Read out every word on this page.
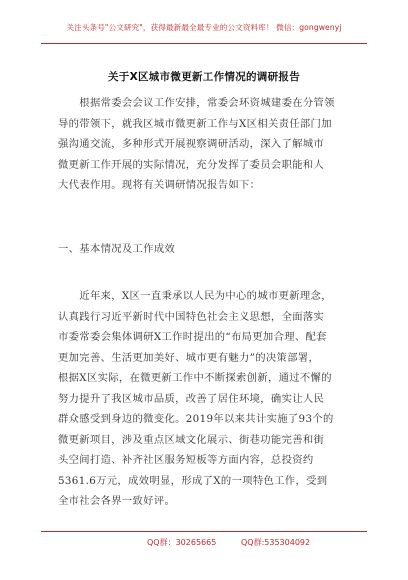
关注头条号"公文研究"，获得最新最全最专业的公文资料库！ 微信：gongwenyj
关于X区城市微更新工作情况的调研报告
　　根据常委会会议工作安排，常委会环资城建委在分管领
导的带领下，就我区城市微更新工作与X区相关责任部门加
强沟通交流，多种形式开展视察调研活动，深入了解城市
微更新工作开展的实际情况，充分发挥了委员会职能和人
大代表作用。现将有关调研情况报告如下：
一、基本情况及工作成效
　　近年来，X区一直秉承以人民为中心的城市更新理念，
认真践行习近平新时代中国特色社会主义思想，全面落实
市委常委会集体调研X工作时提出的“布局更加合理、配套
更加完善、生活更加美好、城市更有魅力”的决策部署，
根据X区实际，在微更新工作中不断探索创新，通过不懈的
努力提升了我区城市品质，改善了居住环境，确实让人民
群众感受到身边的微变化。2019年以来共计实施了93个的
微更新项目，涉及重点区域文化展示、街巷功能完善和街
头空间打造、补齐社区服务短板等方面内容，总投资约
5361.6万元，成效明显，形成了X的一项特色工作，受到
全市社会各界一致好评。
QQ群：30265665	QQ群:535304092
